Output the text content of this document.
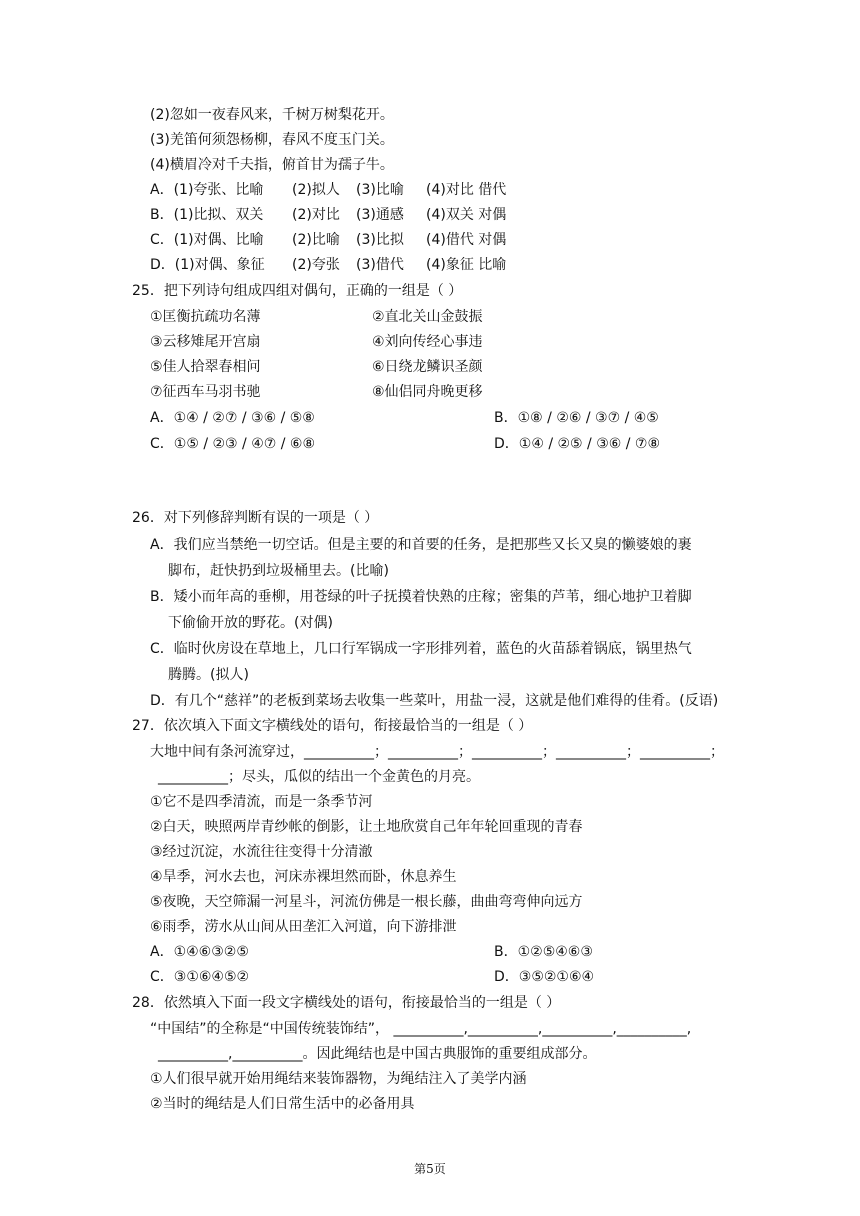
(2)忽如一夜春风来，千树万树梨花开。
(3)羌笛何须怨杨柳，春风不度玉门关。
(4)横眉冷对千夫指，俯首甘为孺子牛。
A．(1)夸张、比喻	(2)拟人	(3)比喻	(4)对比 借代
B．(1)比拟、双关	(2)对比	(3)通感	(4)双关 对偶
C．(1)对偶、比喻	(2)比喻	(3)比拟	(4)借代 对偶
D．(1)对偶、象征	(2)夸张	(3)借代	(4)象征 比喻
25．把下列诗句组成四组对偶句，正确的一组是（ ）
①匡衡抗疏功名薄	②直北关山金鼓振
③云移雉尾开宫扇	④刘向传经心事违
⑤佳人拾翠春相问	⑥日绕龙鳞识圣颜
⑦征西车马羽书驰	⑧仙侣同舟晚更移
A．①④ / ②⑦ / ③⑥ / ⑤⑧	B．①⑧ / ②⑥ / ③⑦ / ④⑤
C．①⑤ / ②③ / ④⑦ / ⑥⑧	D．①④ / ②⑤ / ③⑥ / ⑦⑧
26．对下列修辞判断有误的一项是（ ）
A．我们应当禁绝一切空话。但是主要的和首要的任务，是把那些又长又臭的懒婆娘的裹
脚布，赶快扔到垃圾桶里去。(比喻)
B．矮小而年高的垂柳，用苍绿的叶子抚摸着快熟的庄稼；密集的芦苇，细心地护卫着脚
下偷偷开放的野花。(对偶)
C．临时伙房设在草地上，几口行军锅成一字形排列着，蓝色的火苗舔着锅底，锅里热气
腾腾。(拟人)
D．有几个“慈祥”的老板到菜场去收集一些菜叶，用盐一浸，这就是他们难得的佳肴。(反语)
27．依次填入下面文字横线处的语句，衔接最恰当的一组是（ ）
大地中间有条河流穿过，__________；__________；__________；__________；__________；
__________；尽头，瓜似的结出一个金黄色的月亮。
①它不是四季清流，而是一条季节河
②白天，映照两岸青纱帐的倒影，让土地欣赏自己年年轮回重现的青春
③经过沉淀，水流往往变得十分清澈
④旱季，河水去也，河床赤裸坦然而卧，休息养生
⑤夜晚，天空筛漏一河星斗，河流仿佛是一根长藤，曲曲弯弯伸向远方
⑥雨季，涝水从山间从田垄汇入河道，向下游排泄
A．①④⑥③②⑤	B．①②⑤④⑥③
C．③①⑥④⑤②	D．③⑤②①⑥④
28．依然填入下面一段文字横线处的语句，衔接最恰当的一组是（ ）
“中国结”的全称是“中国传统装饰结”， __________,__________,__________,__________,
__________,__________。因此绳结也是中国古典服饰的重要组成部分。
①人们很早就开始用绳结来装饰器物，为绳结注入了美学内涵
②当时的绳结是人们日常生活中的必备用具
第5页
